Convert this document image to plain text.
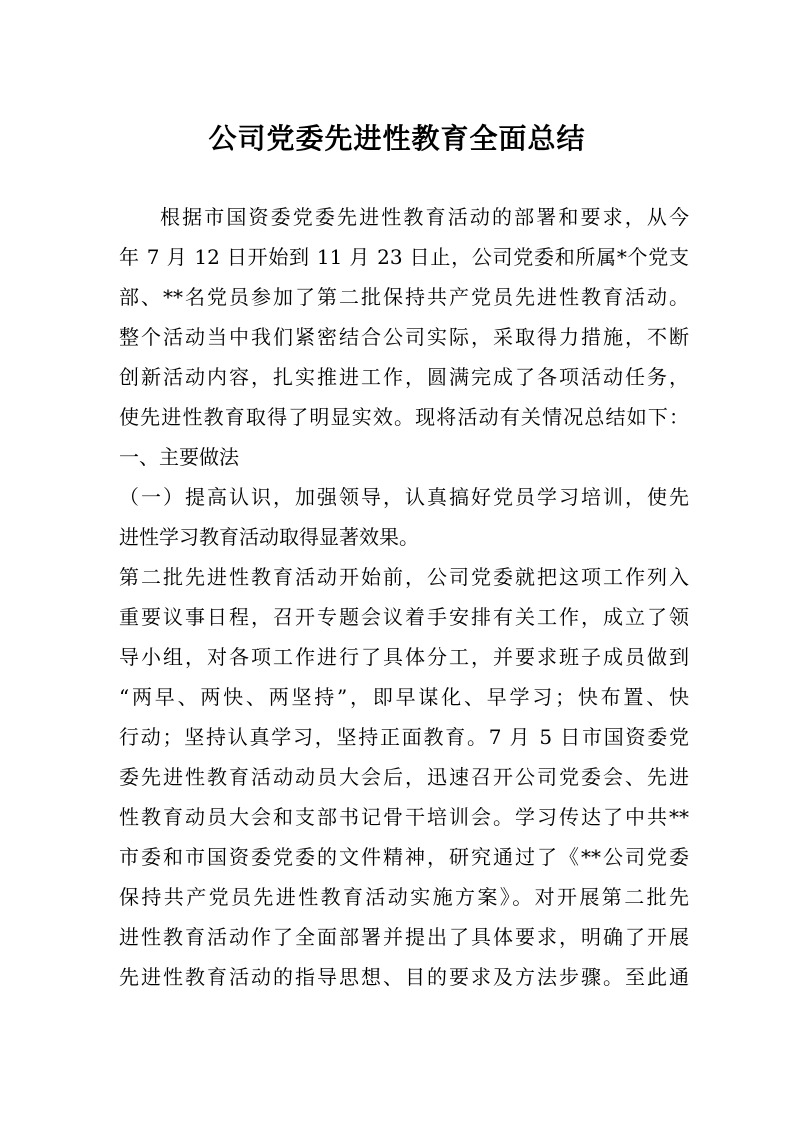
公司党委先进性教育全面总结
根据市国资委党委先进性教育活动的部署和要求，从今
年 7 月 12 日开始到 11 月 23 日止，公司党委和所属*个党支
部、**名党员参加了第二批保持共产党员先进性教育活动。
整个活动当中我们紧密结合公司实际，采取得力措施，不断
创新活动内容，扎实推进工作，圆满完成了各项活动任务，
使先进性教育取得了明显实效。现将活动有关情况总结如下：
一、主要做法
（一）提高认识，加强领导，认真搞好党员学习培训，使先
进性学习教育活动取得显著效果。
第二批先进性教育活动开始前，公司党委就把这项工作列入
重要议事日程，召开专题会议着手安排有关工作，成立了领
导小组，对各项工作进行了具体分工，并要求班子成员做到
“两早、两快、两坚持”，即早谋化、早学习；快布置、快
行动；坚持认真学习，坚持正面教育。7 月 5 日市国资委党
委先进性教育活动动员大会后，迅速召开公司党委会、先进
性教育动员大会和支部书记骨干培训会。学习传达了中共**
市委和市国资委党委的文件精神，研究通过了《**公司党委
保持共产党员先进性教育活动实施方案》。对开展第二批先
进性教育活动作了全面部署并提出了具体要求，明确了开展
先进性教育活动的指导思想、目的要求及方法步骤。至此通
